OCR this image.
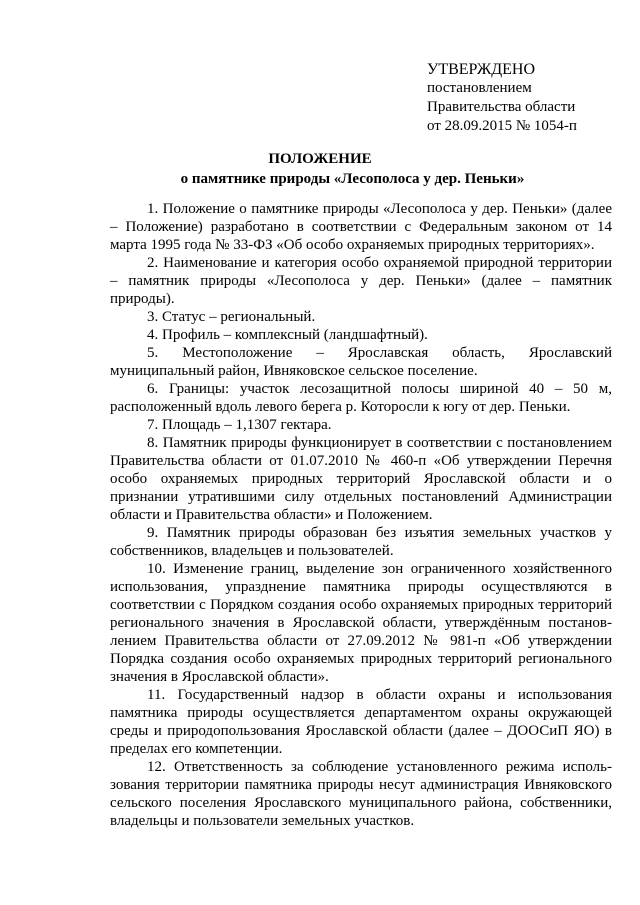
УТВЕРЖДЕНО
постановлением
Правительства области
от 28.09.2015 № 1054-п
ПОЛОЖЕНИЕ
о памятнике природы «Лесополоса у дер. Пеньки»

1. Положение о памятнике природы «Лесополоса у дер. Пеньки» (далее – Положение) разработано в соответствии с Федеральным законом от 14 марта 1995 года № 33-ФЗ «Об особо охраняемых природных территориях».

2. Наименование и категория особо охраняемой природной территории – памятник природы «Лесополоса у дер. Пеньки» (далее – памятник природы).

3. Статус – региональный.

4. Профиль – комплексный (ландшафтный).

5. Местоположение – Ярославская область, Ярославский муниципальный район, Ивняковское сельское поселение.

6. Границы: участок лесозащитной полосы шириной 40 – 50 м, расположенный вдоль левого берега р. Которосли к югу от дер. Пеньки.

7. Площадь – 1,1307 гектара.

8. Памятник природы функционирует в соответствии с постановлением Правительства области от 01.07.2010 № 460-п «Об утверждении Перечня особо охраняемых природных территорий Ярославской области и о признании утратившими силу отдельных постановлений Администрации области и Правительства области» и Положением.

9. Памятник природы образован без изъятия земельных участков у собственников, владельцев и пользователей.

10. Изменение границ, выделение зон ограниченного хозяйственного использования, упразднение памятника природы осуществляются в соответствии с Порядком создания особо охраняемых природных территорий регионального значения в Ярославской области, утверждённым постановлением Правительства области от 27.09.2012 № 981-п «Об утверждении Порядка создания особо охраняемых природных территорий регионального значения в Ярославской области».

11. Государственный надзор в области охраны и использования памятника природы осуществляется департаментом охраны окружающей среды и природопользования Ярославской области (далее – ДООСиП ЯО) в пределах его компетенции.

12. Ответственность за соблюдение установленного режима использования территории памятника природы несут администрация Ивняковского сельского поселения Ярославского муниципального района, собственники, владельцы и пользователи земельных участков.
